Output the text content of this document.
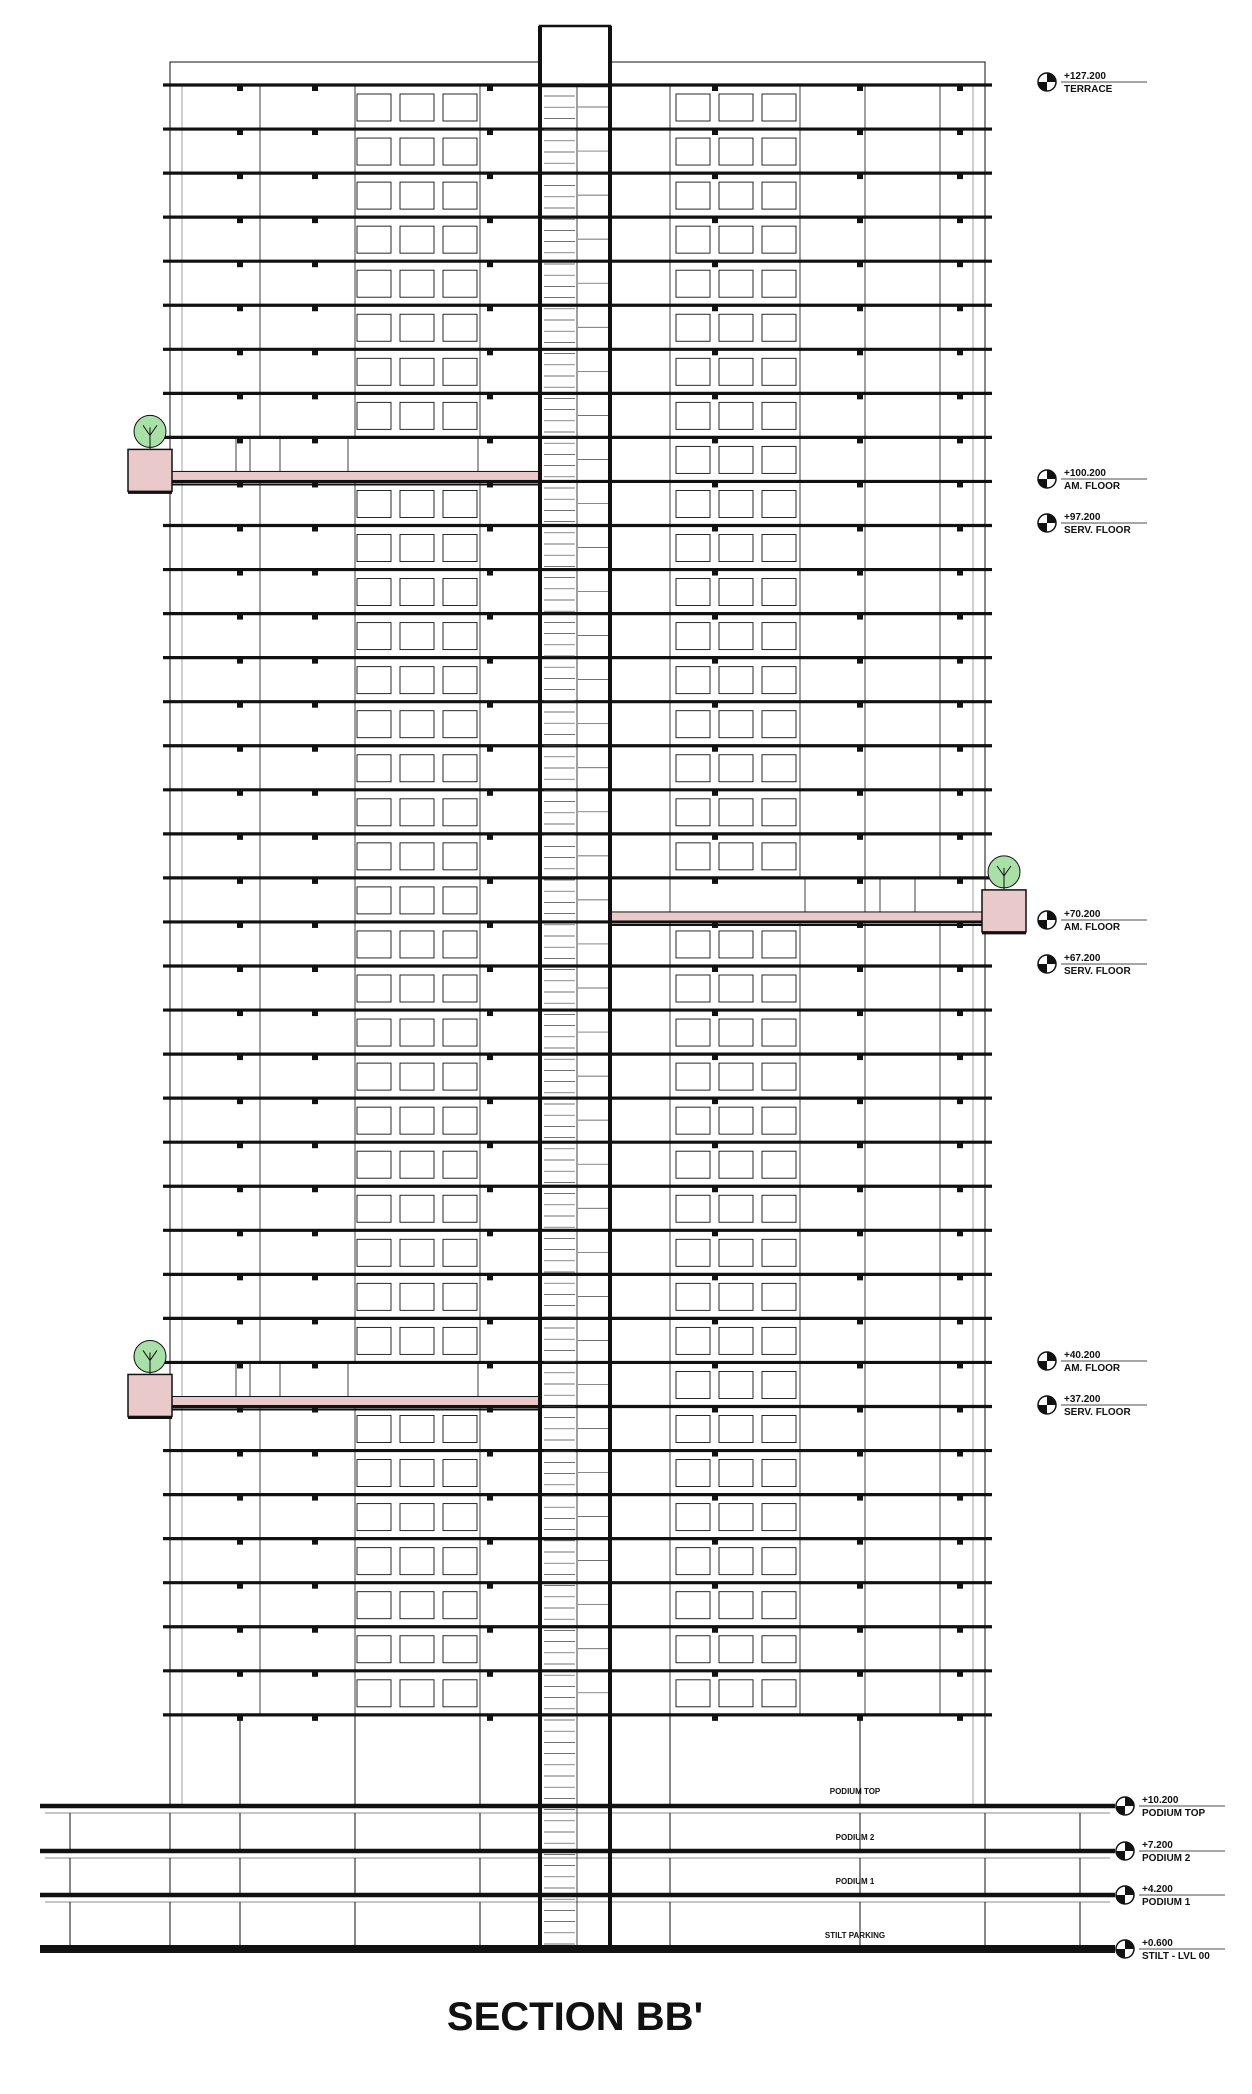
+127.200
TERRACE
+100.200
AM. FLOOR
+97.200
SERV. FLOOR
+70.200
AM. FLOOR
+67.200
SERV. FLOOR
+40.200
AM. FLOOR
+37.200
SERV. FLOOR
+10.200
PODIUM TOP
+7.200
PODIUM 2
+4.200
PODIUM 1
+0.600
STILT - LVL 00
PODIUM TOP
PODIUM 2
PODIUM 1
STILT PARKING
SECTION BB'
